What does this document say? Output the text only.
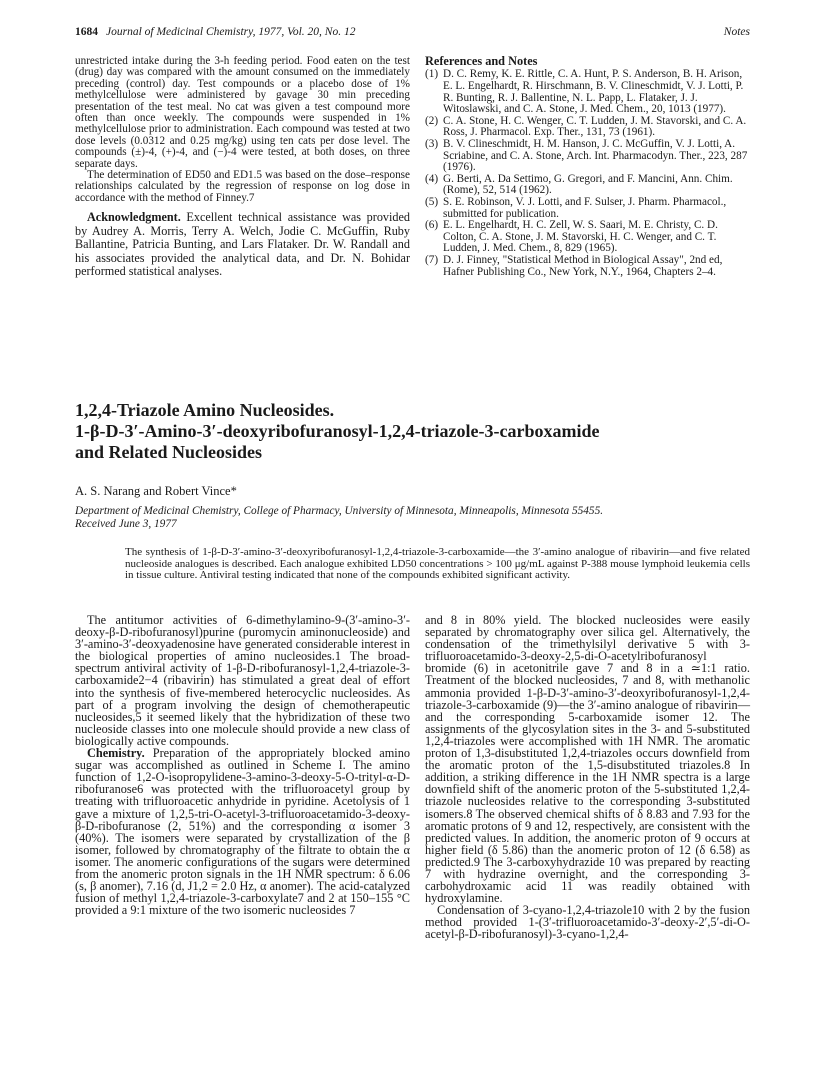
1684 Journal of Medicinal Chemistry, 1977, Vol. 20, No. 12	Notes

unrestricted intake during the 3-h feeding period. Food eaten on the test (drug) day was compared with the amount consumed on the immediately preceding (control) day. Test compounds or a placebo dose of 1% methylcellulose were administered by gavage 30 min preceding presentation of the test meal. No cat was given a test compound more often than once weekly. The compounds were suspended in 1% methylcellulose prior to administration. Each compound was tested at two dose levels (0.0312 and 0.25 mg/kg) using ten cats per dose level. The compounds (±)-4, (+)-4, and (−)-4 were tested, at both doses, on three separate days.

The determination of ED50 and ED1.5 was based on the dose–response relationships calculated by the regression of response on log dose in accordance with the method of Finney.7

Acknowledgment. Excellent technical assistance was provided by Audrey A. Morris, Terry A. Welch, Jodie C. McGuffin, Ruby Ballantine, Patricia Bunting, and Lars Flataker. Dr. W. Randall and his associates provided the analytical data, and Dr. N. Bohidar performed statistical analyses.

References and Notes
(1) D. C. Remy, K. E. Rittle, C. A. Hunt, P. S. Anderson, B. H. Arison, E. L. Engelhardt, R. Hirschmann, B. V. Clineschmidt, V. J. Lotti, P. R. Bunting, R. J. Ballentine, N. L. Papp, L. Flataker, J. J. Witoslawski, and C. A. Stone, J. Med. Chem., 20, 1013 (1977).
(2) C. A. Stone, H. C. Wenger, C. T. Ludden, J. M. Stavorski, and C. A. Ross, J. Pharmacol. Exp. Ther., 131, 73 (1961).
(3) B. V. Clineschmidt, H. M. Hanson, J. C. McGuffin, V. J. Lotti, A. Scriabine, and C. A. Stone, Arch. Int. Pharmacodyn. Ther., 223, 287 (1976).
(4) G. Berti, A. Da Settimo, G. Gregori, and F. Mancini, Ann. Chim. (Rome), 52, 514 (1962).
(5) S. E. Robinson, V. J. Lotti, and F. Sulser, J. Pharm. Pharmacol., submitted for publication.
(6) E. L. Engelhardt, H. C. Zell, W. S. Saari, M. E. Christy, C. D. Colton, C. A. Stone, J. M. Stavorski, H. C. Wenger, and C. T. Ludden, J. Med. Chem., 8, 829 (1965).
(7) D. J. Finney, "Statistical Method in Biological Assay", 2nd ed, Hafner Publishing Co., New York, N.Y., 1964, Chapters 2–4.
1,2,4-Triazole Amino Nucleosides.
1-β-D-3′-Amino-3′-deoxyribofuranosyl-1,2,4-triazole-3-carboxamide
and Related Nucleosides
A. S. Narang and Robert Vince*
Department of Medicinal Chemistry, College of Pharmacy, University of Minnesota, Minneapolis, Minnesota 55455.
Received June 3, 1977
The synthesis of 1-β-D-3′-amino-3′-deoxyribofuranosyl-1,2,4-triazole-3-carboxamide—the 3′-amino analogue of ribavirin—and five related nucleoside analogues is described. Each analogue exhibited LD50 concentrations > 100 μg/mL against P-388 mouse lymphoid leukemia cells in tissue culture. Antiviral testing indicated that none of the compounds exhibited significant activity.

The antitumor activities of 6-dimethylamino-9-(3′-amino-3′-deoxy-β-D-ribofuranosyl)purine (puromycin aminonucleoside) and 3′-amino-3′-deoxyadenosine have generated considerable interest in the biological properties of amino nucleosides.1 The broad-spectrum antiviral activity of 1-β-D-ribofuranosyl-1,2,4-triazole-3-carboxamide2−4 (ribavirin) has stimulated a great deal of effort into the synthesis of five-membered heterocyclic nucleosides. As part of a program involving the design of chemotherapeutic nucleosides,5 it seemed likely that the hybridization of these two nucleoside classes into one molecule should provide a new class of biologically active compounds.

Chemistry. Preparation of the appropriately blocked amino sugar was accomplished as outlined in Scheme I. The amino function of 1,2-O-isopropylidene-3-amino-3-deoxy-5-O-trityl-α-D-ribofuranose6 was protected with the trifluoroacetyl group by treating with trifluoroacetic anhydride in pyridine. Acetolysis of 1 gave a mixture of 1,2,5-tri-O-acetyl-3-trifluoroacetamido-3-deoxy-β-D-ribofuranose (2, 51%) and the corresponding α isomer 3 (40%). The isomers were separated by crystallization of the β isomer, followed by chromatography of the filtrate to obtain the α isomer. The anomeric configurations of the sugars were determined from the anomeric proton signals in the 1H NMR spectrum: δ 6.06 (s, β anomer), 7.16 (d, J1,2 = 2.0 Hz, α anomer). The acid-catalyzed fusion of methyl 1,2,4-triazole-3-carboxylate7 and 2 at 150–155 °C provided a 9:1 mixture of the two isomeric nucleosides 7

and 8 in 80% yield. The blocked nucleosides were easily separated by chromatography over silica gel. Alternatively, the condensation of the trimethylsilyl derivative 5 with 3-trifluoroacetamido-3-deoxy-2,5-di-O-acetylribofuranosyl bromide (6) in acetonitrile gave 7 and 8 in a ≃1:1 ratio. Treatment of the blocked nucleosides, 7 and 8, with methanolic ammonia provided 1-β-D-3′-amino-3′-deoxyribofuranosyl-1,2,4-triazole-3-carboxamide (9)—the 3′-amino analogue of ribavirin—and the corresponding 5-carboxamide isomer 12. The assignments of the glycosylation sites in the 3- and 5-substituted 1,2,4-triazoles were accomplished with 1H NMR. The aromatic proton of 1,3-disubstituted 1,2,4-triazoles occurs downfield from the aromatic proton of the 1,5-disubstituted triazoles.8 In addition, a striking difference in the 1H NMR spectra is a large downfield shift of the anomeric proton of the 5-substituted 1,2,4-triazole nucleosides relative to the corresponding 3-substituted isomers.8 The observed chemical shifts of δ 8.83 and 7.93 for the aromatic protons of 9 and 12, respectively, are consistent with the predicted values. In addition, the anomeric proton of 9 occurs at higher field (δ 5.86) than the anomeric proton of 12 (δ 6.58) as predicted.9 The 3-carboxyhydrazide 10 was prepared by reacting 7 with hydrazine overnight, and the corresponding 3-carbohydroxamic acid 11 was readily obtained with hydroxylamine.

Condensation of 3-cyano-1,2,4-triazole10 with 2 by the fusion method provided 1-(3′-trifluoroacetamido-3′-deoxy-2′,5′-di-O-acetyl-β-D-ribofuranosyl)-3-cyano-1,2,4-
